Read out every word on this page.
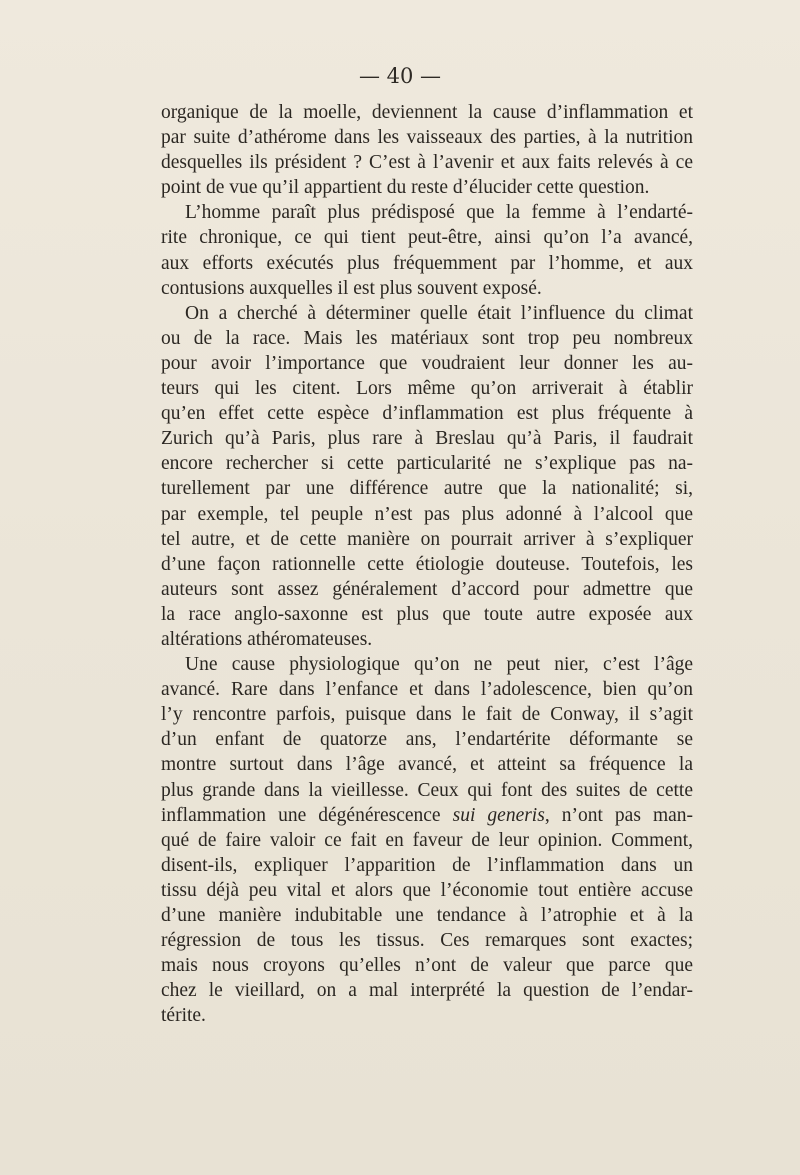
— 40 —
organique de la moelle, deviennent la cause d’inflammation et
par suite d’athérome dans les vaisseaux des parties, à la nutrition
desquelles ils président ? C’est à l’avenir et aux faits relevés à ce
point de vue qu’il appartient du reste d’élucider cette question.
L’homme paraît plus prédisposé que la femme à l’endarté-
rite chronique, ce qui tient peut-être, ainsi qu’on l’a avancé,
aux efforts exécutés plus fréquemment par l’homme, et aux
contusions auxquelles il est plus souvent exposé.
On a cherché à déterminer quelle était l’influence du climat
ou de la race. Mais les matériaux sont trop peu nombreux
pour avoir l’importance que voudraient leur donner les au-
teurs qui les citent. Lors même qu’on arriverait à établir
qu’en effet cette espèce d’inflammation est plus fréquente à
Zurich qu’à Paris, plus rare à Breslau qu’à Paris, il faudrait
encore rechercher si cette particularité ne s’explique pas na-
turellement par une différence autre que la nationalité; si,
par exemple, tel peuple n’est pas plus adonné à l’alcool que
tel autre, et de cette manière on pourrait arriver à s’expliquer
d’une façon rationnelle cette étiologie douteuse. Toutefois, les
auteurs sont assez généralement d’accord pour admettre que
la race anglo-saxonne est plus que toute autre exposée aux
altérations athéromateuses.
Une cause physiologique qu’on ne peut nier, c’est l’âge
avancé. Rare dans l’enfance et dans l’adolescence, bien qu’on
l’y rencontre parfois, puisque dans le fait de Conway, il s’agit
d’un enfant de quatorze ans, l’endartérite déformante se
montre surtout dans l’âge avancé, et atteint sa fréquence la
plus grande dans la vieillesse. Ceux qui font des suites de cette
inflammation une dégénérescence sui generis, n’ont pas man-
qué de faire valoir ce fait en faveur de leur opinion. Comment,
disent-ils, expliquer l’apparition de l’inflammation dans un
tissu déjà peu vital et alors que l’économie tout entière accuse
d’une manière indubitable une tendance à l’atrophie et à la
régression de tous les tissus. Ces remarques sont exactes;
mais nous croyons qu’elles n’ont de valeur que parce que
chez le vieillard, on a mal interprété la question de l’endar-
térite.
